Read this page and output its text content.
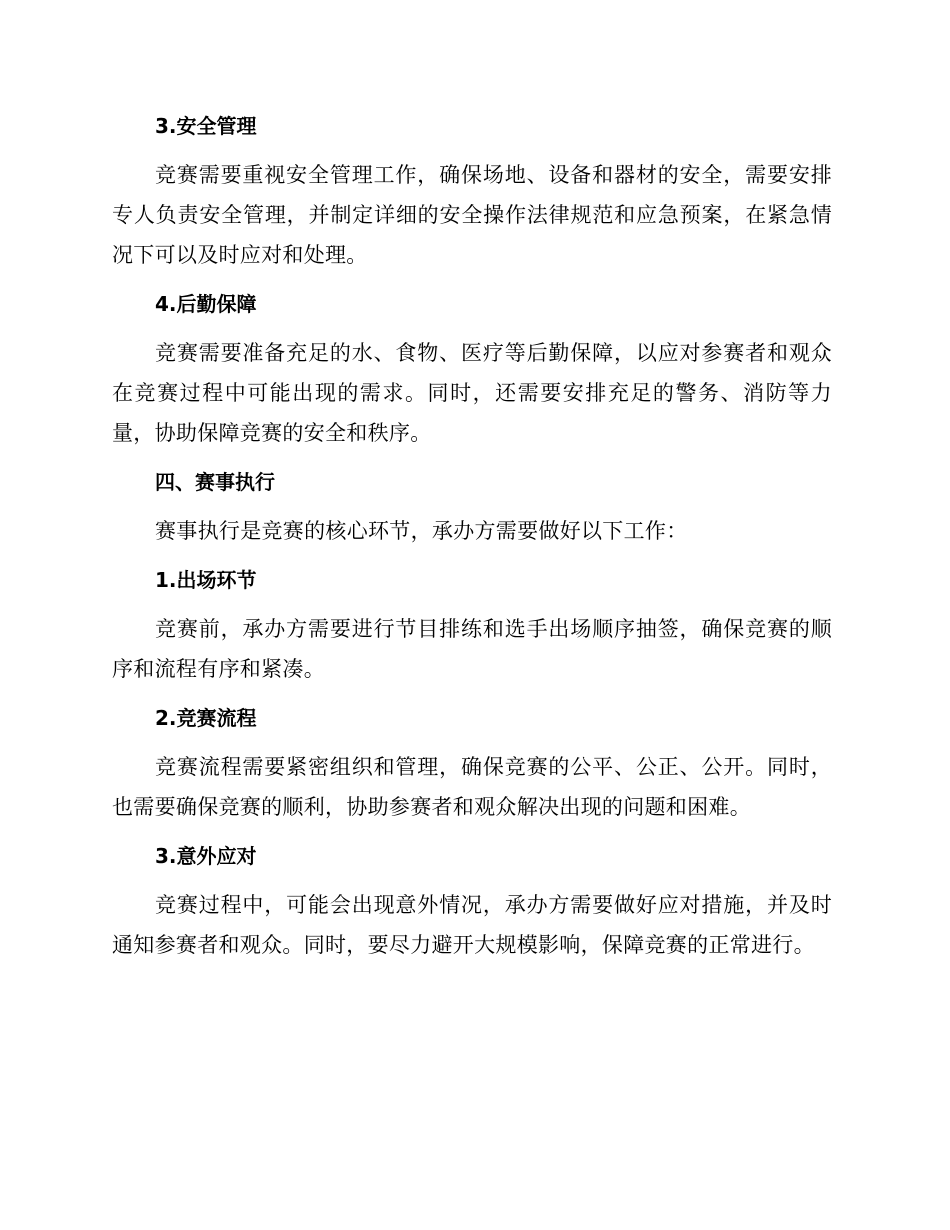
3.安全管理

竞赛需要重视安全管理工作，确保场地、设备和器材的安全，需要安排专人负责安全管理，并制定详细的安全操作法律规范和应急预案，在紧急情况下可以及时应对和处理。

4.后勤保障

竞赛需要准备充足的水、食物、医疗等后勤保障，以应对参赛者和观众在竞赛过程中可能出现的需求。同时，还需要安排充足的警务、消防等力量，协助保障竞赛的安全和秩序。

四、赛事执行

赛事执行是竞赛的核心环节，承办方需要做好以下工作：

1.出场环节

竞赛前，承办方需要进行节目排练和选手出场顺序抽签，确保竞赛的顺序和流程有序和紧凑。

2.竞赛流程

竞赛流程需要紧密组织和管理，确保竞赛的公平、公正、公开。同时，也需要确保竞赛的顺利，协助参赛者和观众解决出现的问题和困难。

3.意外应对

竞赛过程中，可能会出现意外情况，承办方需要做好应对措施，并及时通知参赛者和观众。同时，要尽力避开大规模影响，保障竞赛的正常进行。
